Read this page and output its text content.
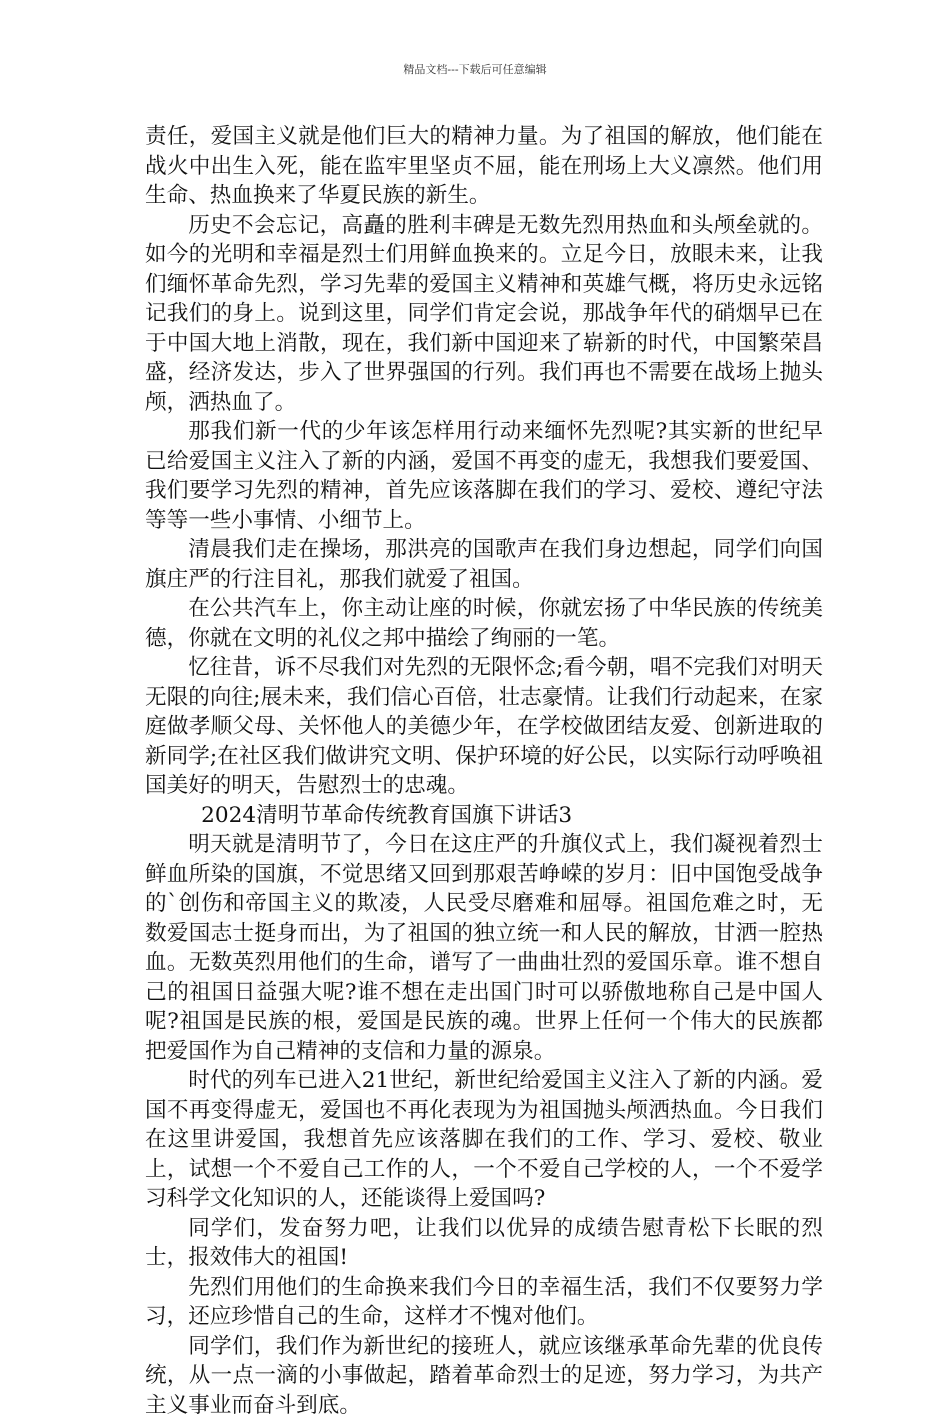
精品文档---下载后可任意编辑

责任，爱国主义就是他们巨大的精神力量。为了祖国的解放，他们能在战火中出生入死，能在监牢里坚贞不屈，能在刑场上大义凛然。他们用生命、热血换来了华夏民族的新生。

历史不会忘记，高矗的胜利丰碑是无数先烈用热血和头颅垒就的。如今的光明和幸福是烈士们用鲜血换来的。立足今日，放眼未来，让我们缅怀革命先烈，学习先辈的爱国主义精神和英雄气概，将历史永远铭记我们的身上。说到这里，同学们肯定会说，那战争年代的硝烟早已在于中国大地上消散，现在，我们新中国迎来了崭新的时代，中国繁荣昌盛，经济发达，步入了世界强国的行列。我们再也不需要在战场上抛头颅，洒热血了。

那我们新一代的少年该怎样用行动来缅怀先烈呢?其实新的世纪早已给爱国主义注入了新的内涵，爱国不再变的虚无，我想我们要爱国、我们要学习先烈的精神，首先应该落脚在我们的学习、爱校、遵纪守法等等一些小事情、小细节上。

清晨我们走在操场，那洪亮的国歌声在我们身边想起，同学们向国旗庄严的行注目礼，那我们就爱了祖国。

在公共汽车上，你主动让座的时候，你就宏扬了中华民族的传统美德，你就在文明的礼仪之邦中描绘了绚丽的一笔。

忆往昔，诉不尽我们对先烈的无限怀念;看今朝，唱不完我们对明天无限的向往;展未来，我们信心百倍，壮志豪情。让我们行动起来，在家庭做孝顺父母、关怀他人的美德少年，在学校做团结友爱、创新进取的新同学;在社区我们做讲究文明、保护环境的好公民，以实际行动呼唤祖国美好的明天，告慰烈士的忠魂。

2024清明节革命传统教育国旗下讲话3

明天就是清明节了，今日在这庄严的升旗仪式上，我们凝视着烈士鲜血所染的国旗，不觉思绪又回到那艰苦峥嵘的岁月：旧中国饱受战争的`创伤和帝国主义的欺凌，人民受尽磨难和屈辱。祖国危难之时，无数爱国志士挺身而出，为了祖国的独立统一和人民的解放，甘洒一腔热血。无数英烈用他们的生命，谱写了一曲曲壮烈的爱国乐章。谁不想自己的祖国日益强大呢?谁不想在走出国门时可以骄傲地称自己是中国人呢?祖国是民族的根，爱国是民族的魂。世界上任何一个伟大的民族都把爱国作为自己精神的支信和力量的源泉。

时代的列车已进入21世纪，新世纪给爱国主义注入了新的内涵。爱国不再变得虚无，爱国也不再化表现为为祖国抛头颅洒热血。今日我们在这里讲爱国，我想首先应该落脚在我们的工作、学习、爱校、敬业上，试想一个不爱自己工作的人，一个不爱自己学校的人，一个不爱学习科学文化知识的人，还能谈得上爱国吗?

同学们，发奋努力吧，让我们以优异的成绩告慰青松下长眠的烈士，报效伟大的祖国!

先烈们用他们的生命换来我们今日的幸福生活，我们不仅要努力学习，还应珍惜自己的生命，这样才不愧对他们。

同学们，我们作为新世纪的接班人，就应该继承革命先辈的优良传统，从一点一滴的小事做起，踏着革命烈士的足迹，努力学习，为共产主义事业而奋斗到底。
